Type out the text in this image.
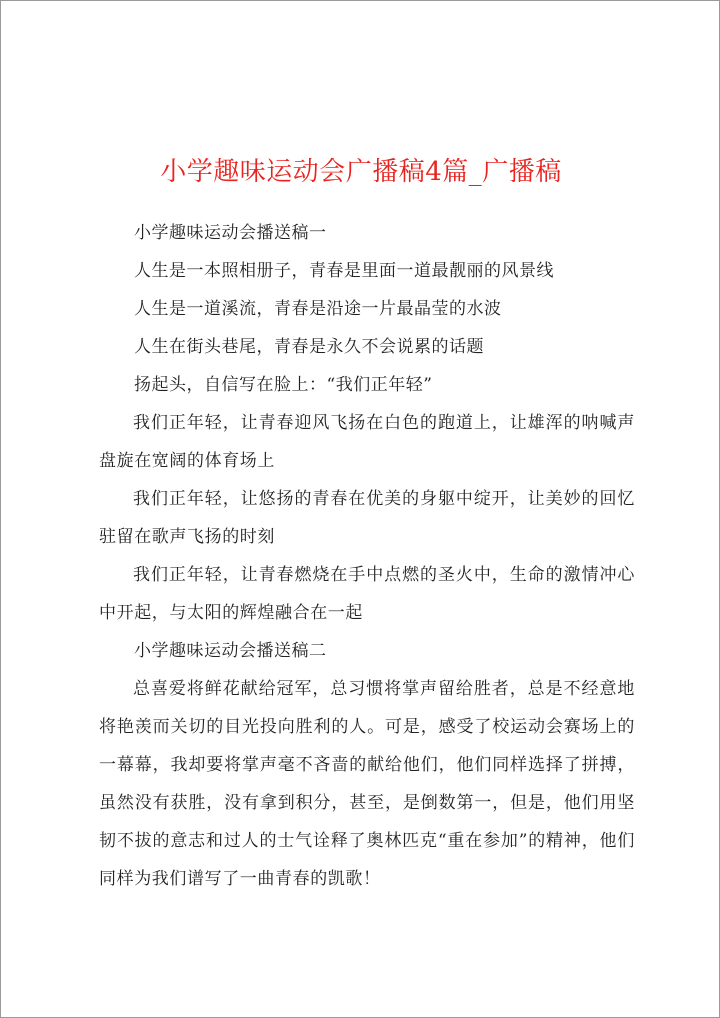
小学趣味运动会广播稿4篇_广播稿
小学趣味运动会播送稿一
人生是一本照相册子，青春是里面一道最靓丽的风景线
人生是一道溪流，青春是沿途一片最晶莹的水波
人生在街头巷尾，青春是永久不会说累的话题
扬起头，自信写在脸上：“我们正年轻”
我们正年轻，让青春迎风飞扬在白色的跑道上，让雄浑的呐喊声盘旋在宽阔的体育场上
我们正年轻，让悠扬的青春在优美的身躯中绽开，让美妙的回忆驻留在歌声飞扬的时刻
我们正年轻，让青春燃烧在手中点燃的圣火中，生命的激情冲心中开起，与太阳的辉煌融合在一起
小学趣味运动会播送稿二
总喜爱将鲜花献给冠军，总习惯将掌声留给胜者，总是不经意地将艳羡而关切的目光投向胜利的人。可是，感受了校运动会赛场上的一幕幕，我却要将掌声毫不吝啬的献给他们，他们同样选择了拼搏，虽然没有获胜，没有拿到积分，甚至，是倒数第一，但是，他们用坚韧不拔的意志和过人的士气诠释了奥林匹克“重在参加”的精神，他们同样为我们谱写了一曲青春的凯歌！
